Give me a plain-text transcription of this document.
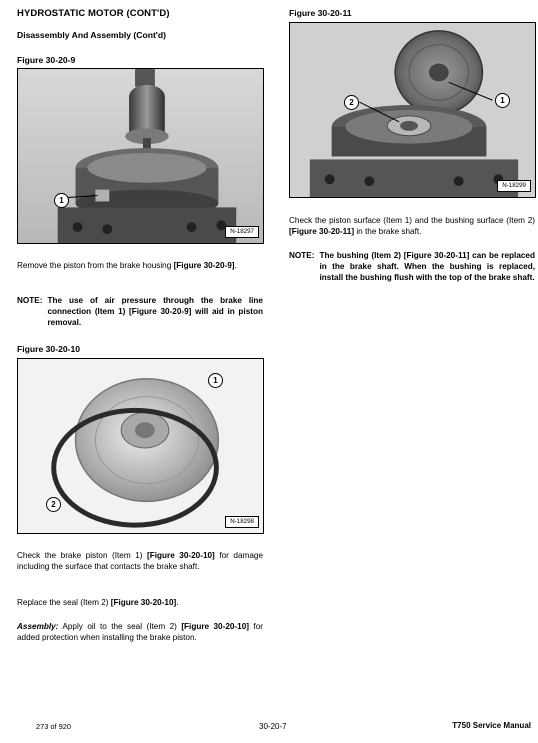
HYDROSTATIC MOTOR (CONT'D)
Disassembly And Assembly (Cont'd)
Figure 30-20-9
1
N-18297
Remove the piston from the brake housing [Figure 30-20-9].
NOTE: The use of air pressure through the brake line connection (Item 1) [Figure 30-20-9] will aid in piston removal.
Figure 30-20-10
1
2
N-18298
Check the brake piston (Item 1) [Figure 30-20-10] for damage including the surface that contacts the brake shaft.
Replace the seal (Item 2) [Figure 30-20-10].
Assembly: Apply oil to the seal (Item 2) [Figure 30-20-10] for added protection when installing the brake piston.
Figure 30-20-11
1
2
N-18299
Check the piston surface (Item 1) and the bushing surface (Item 2) [Figure 30-20-11] in the brake shaft.
NOTE: The bushing (Item 2) [Figure 30-20-11] can be replaced in the brake shaft. When the bushing is replaced, install the bushing flush with the top of the brake shaft.
273 of 920	30-20-7	T750 Service Manual
